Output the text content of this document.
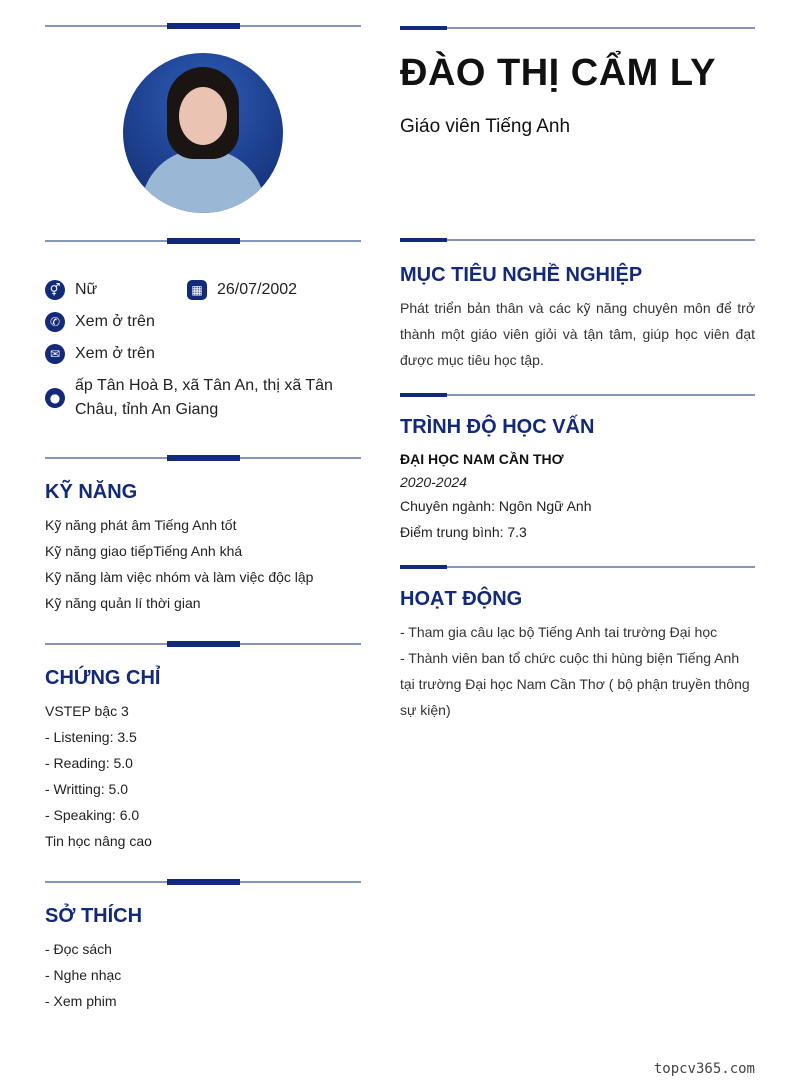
⚥ Nữ	▦ 26/07/2002
✆ Xem ở trên
✉ Xem ở trên
●
ấp Tân Hoà B, xã Tân An, thị xã Tân
Châu, tỉnh An Giang
KỸ NĂNG
Kỹ năng phát âm Tiếng Anh tốt
Kỹ năng giao tiếpTiếng Anh khá
Kỹ năng làm việc nhóm và làm việc độc lập
Kỹ năng quản lí thời gian
CHỨNG CHỈ
VSTEP bậc 3
- Listening: 3.5
- Reading: 5.0
- Writting: 5.0
- Speaking: 6.0
Tin học nâng cao
SỞ THÍCH
- Đọc sách
- Nghe nhạc
- Xem phim
ĐÀO THỊ CẨM LY
Giáo viên Tiếng Anh
MỤC TIÊU NGHỀ NGHIỆP
Phát triển bản thân và các kỹ năng chuyên môn để trở thành một giáo viên giỏi và tận tâm, giúp học viên đạt được mục tiêu học tập.
TRÌNH ĐỘ HỌC VẤN
ĐẠI HỌC NAM CẦN THƠ
2020-2024
Chuyên ngành: Ngôn Ngữ Anh
Điểm trung bình: 7.3
HOẠT ĐỘNG
- Tham gia câu lạc bộ Tiếng Anh tai trường Đại học
- Thành viên ban tổ chức cuộc thi hùng biện Tiếng Anh tại trường Đại học Nam Cần Thơ ( bộ phận truyền thông sự kiện)
topcv365.com
